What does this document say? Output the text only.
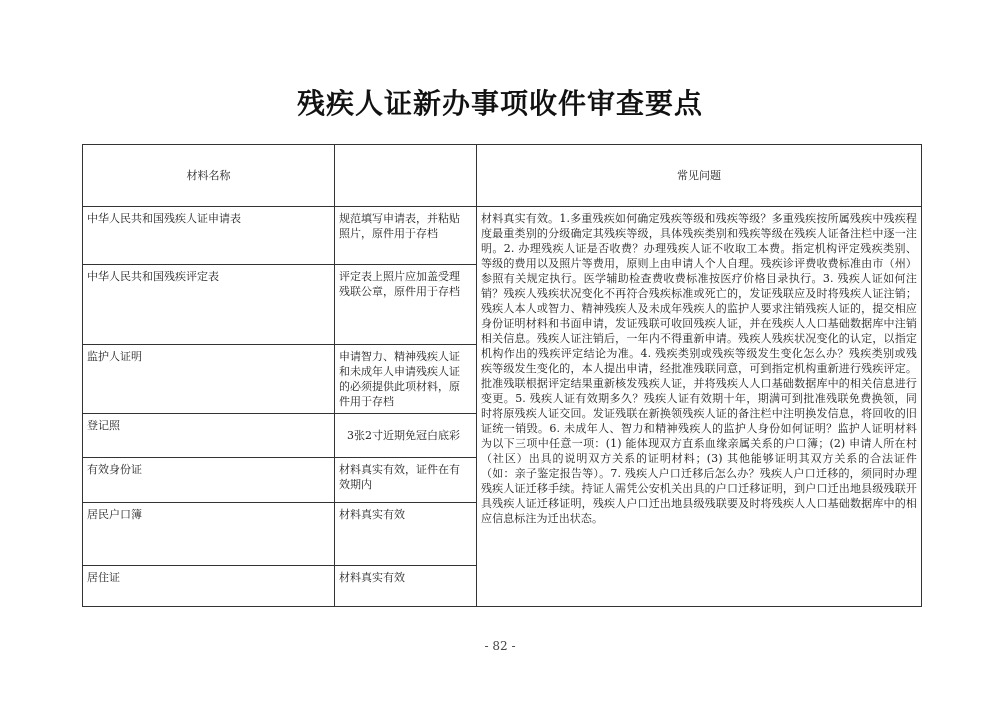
残疾人证新办事项收件审查要点
材料名称		常见问题
中华人民共和国残疾人证申请表	规范填写申请表，并粘贴
照片，原件用于存档	材料真实有效。1.多重残疾如何确定残疾等级和残疾等级？多重残疾按所属残疾中残疾程度最重类别的分级确定其残疾等级，具体残疾类别和残疾等级在残疾人证备注栏中逐一注明。2. 办理残疾人证是否收费？办理残疾人证不收取工本费。指定机构评定残疾类别、等级的费用以及照片等费用，原则上由申请人个人自理。残疾诊评费收费标准由市（州）参照有关规定执行。医学辅助检查费收费标准按医疗价格目录执行。3. 残疾人证如何注销？残疾人残疾状况变化不再符合残疾标准或死亡的，发证残联应及时将残疾人证注销；残疾人本人或智力、精神残疾人及未成年残疾人的监护人要求注销残疾人证的，提交相应身份证明材料和书面申请，发证残联可收回残疾人证，并在残疾人人口基础数据库中注销相关信息。残疾人证注销后，一年内不得重新申请。残疾人残疾状况变化的认定，以指定机构作出的残疾评定结论为准。4. 残疾类别或残疾等级发生变化怎么办？残疾类别或残疾等级发生变化的，本人提出申请，经批准残联同意，可到指定机构重新进行残疾评定。批准残联根据评定结果重新核发残疾人证，并将残疾人人口基础数据库中的相关信息进行变更。5. 残疾人证有效期多久？残疾人证有效期十年，期满可到批准残联免费换领，同时将原残疾人证交回。发证残联在新换领残疾人证的备注栏中注明换发信息，将回收的旧证统一销毁。6. 未成年人、智力和精神残疾人的监护人身份如何证明？监护人证明材料为以下三项中任意一项：(1) 能体现双方直系血缘亲属关系的户口簿；(2) 申请人所在村（社区）出具的说明双方关系的证明材料；(3) 其他能够证明其双方关系的合法证件（如：亲子鉴定报告等）。7. 残疾人户口迁移后怎么办？残疾人户口迁移的，须同时办理残疾人证迁移手续。持证人需凭公安机关出具的户口迁移证明，到户口迁出地县级残联开具残疾人证迁移证明，残疾人户口迁出地县级残联要及时将残疾人人口基础数据库中的相应信息标注为迁出状态。
中华人民共和国残疾评定表	评定表上照片应加盖受理
残联公章，原件用于存档	
监护人证明	申请智力、精神残疾人证
和未成年人申请残疾人证
的必须提供此项材料，原
件用于存档	
登记照	3张2寸近期免冠白底彩	

有效身份证	材料真实有效，证件在有
效期内	
居民户口簿	材料真实有效	
居住证	材料真实有效	
- 82 -
